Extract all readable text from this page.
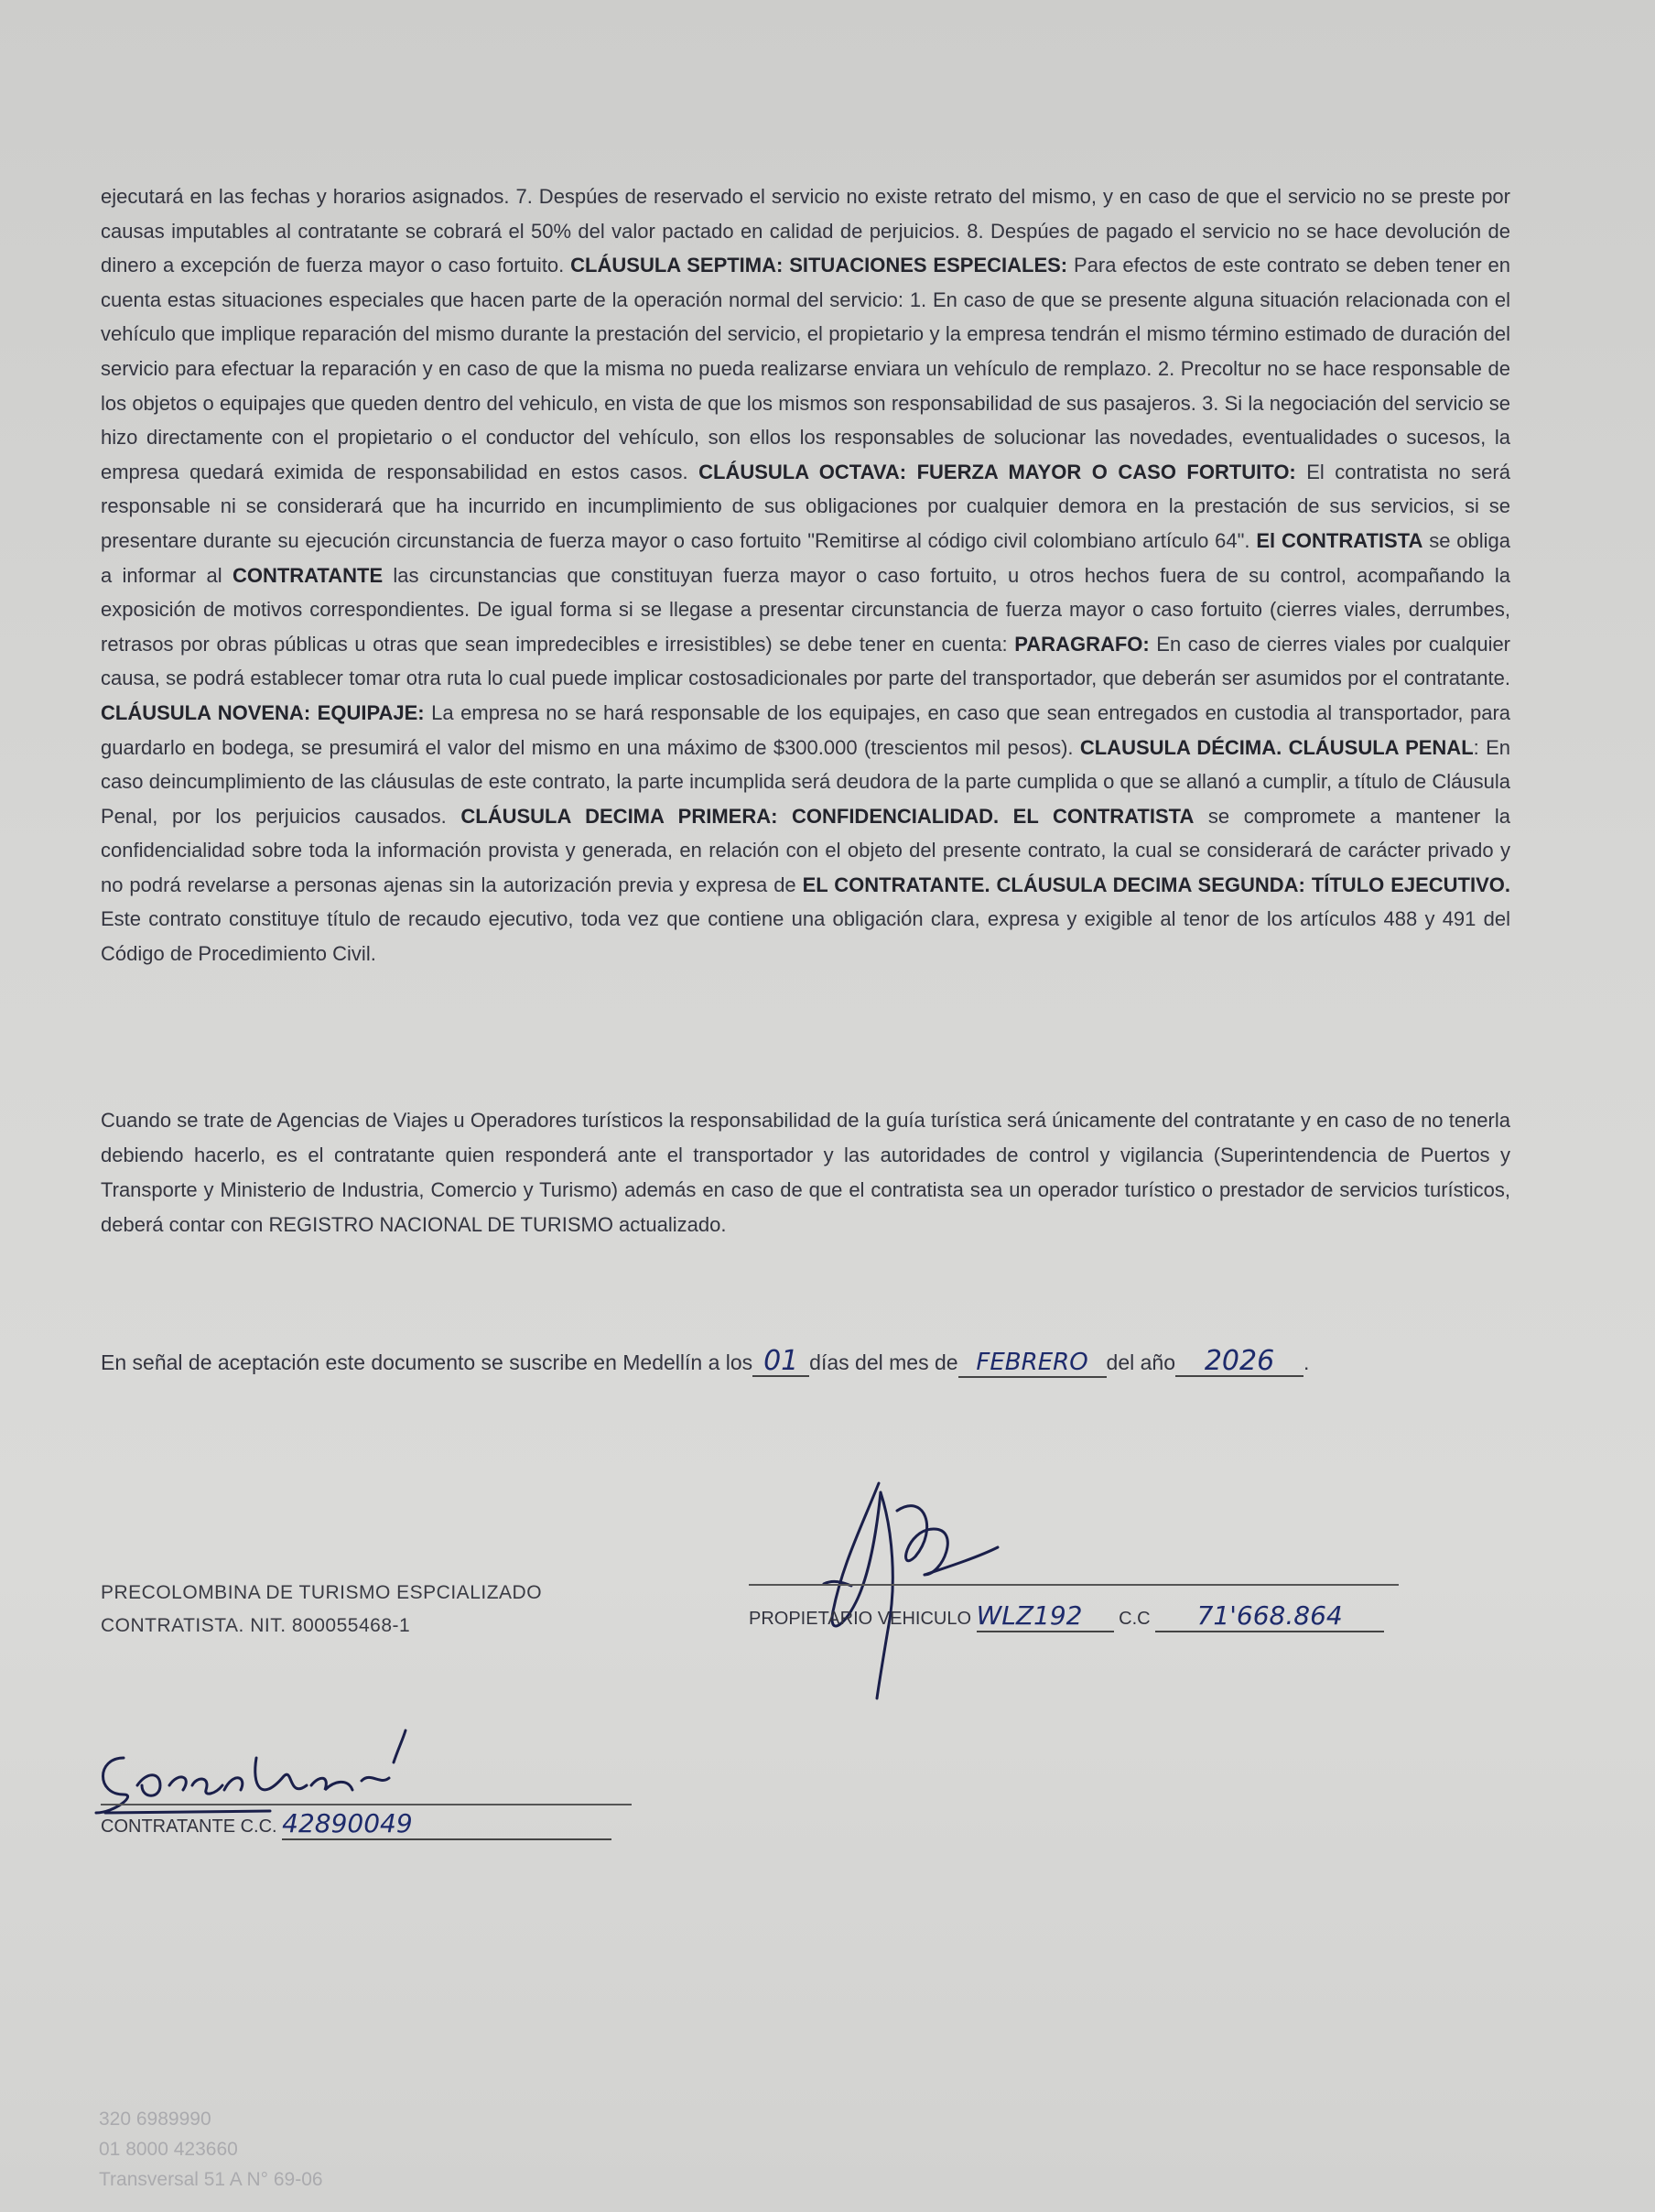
ejecutará en las fechas y horarios asignados. 7. Despúes de reservado el servicio no existe retrato del mismo, y en caso de que el servicio no se preste por causas imputables al contratante se cobrará el 50% del valor pactado en calidad de perjuicios. 8. Despúes de pagado el servicio no se hace devolución de dinero a excepción de fuerza mayor o caso fortuito. CLÁUSULA SEPTIMA: SITUACIONES ESPECIALES: Para efectos de este contrato se deben tener en cuenta estas situaciones especiales que hacen parte de la operación normal del servicio: 1. En caso de que se presente alguna situación relacionada con el vehículo que implique reparación del mismo durante la prestación del servicio, el propietario y la empresa tendrán el mismo término estimado de duración del servicio para efectuar la reparación y en caso de que la misma no pueda realizarse enviara un vehículo de remplazo. 2. Precoltur no se hace responsable de los objetos o equipajes que queden dentro del vehiculo, en vista de que los mismos son responsabilidad de sus pasajeros. 3. Si la negociación del servicio se hizo directamente con el propietario o el conductor del vehículo, son ellos los responsables de solucionar las novedades, eventualidades o sucesos, la empresa quedará eximida de responsabilidad en estos casos. CLÁUSULA OCTAVA: FUERZA MAYOR O CASO FORTUITO: El contratista no será responsable ni se considerará que ha incurrido en incumplimiento de sus obligaciones por cualquier demora en la prestación de sus servicios, si se presentare durante su ejecución circunstancia de fuerza mayor o caso fortuito "Remitirse al código civil colombiano artículo 64". El CONTRATISTA se obliga a informar al CONTRATANTE las circunstancias que constituyan fuerza mayor o caso fortuito, u otros hechos fuera de su control, acompañando la exposición de motivos correspondientes. De igual forma si se llegase a presentar circunstancia de fuerza mayor o caso fortuito (cierres viales, derrumbes, retrasos por obras públicas u otras que sean impredecibles e irresistibles) se debe tener en cuenta: PARAGRAFO: En caso de cierres viales por cualquier causa, se podrá establecer tomar otra ruta lo cual puede implicar costosadicionales por parte del transportador, que deberán ser asumidos por el contratante. CLÁUSULA NOVENA: EQUIPAJE: La empresa no se hará responsable de los equipajes, en caso que sean entregados en custodia al transportador, para guardarlo en bodega, se presumirá el valor del mismo en una máximo de $300.000 (trescientos mil pesos). CLAUSULA DÉCIMA. CLÁUSULA PENAL: En caso deincumplimiento de las cláusulas de este contrato, la parte incumplida será deudora de la parte cumplida o que se allanó a cumplir, a título de Cláusula Penal, por los perjuicios causados. CLÁUSULA DECIMA PRIMERA: CONFIDENCIALIDAD. EL CONTRATISTA se compromete a mantener la confidencialidad sobre toda la información provista y generada, en relación con el objeto del presente contrato, la cual se considerará de carácter privado y no podrá revelarse a personas ajenas sin la autorización previa y expresa de EL CONTRATANTE. CLÁUSULA DECIMA SEGUNDA: TÍTULO EJECUTIVO. Este contrato constituye título de recaudo ejecutivo, toda vez que contiene una obligación clara, expresa y exigible al tenor de los artículos 488 y 491 del Código de Procedimiento Civil.
Cuando se trate de Agencias de Viajes u Operadores turísticos la responsabilidad de la guía turística será únicamente del contratante y en caso de no tenerla debiendo hacerlo, es el contratante quien responderá ante el transportador y las autoridades de control y vigilancia (Superintendencia de Puertos y Transporte y Ministerio de Industria, Comercio y Turismo) además en caso de que el contratista sea un operador turístico o prestador de servicios turísticos, deberá contar con REGISTRO NACIONAL DE TURISMO actualizado.
En señal de aceptación este documento se suscribe en Medellín a los 01 días del mes de FEBRERO del año 2026 .
PRECOLOMBINA DE TURISMO ESPCIALIZADO
CONTRATISTA. NIT. 800055468-1	PROPIETARIO VEHICULO WLZ192 C.C 71'668.864
CONTRATANTE C.C. 42890049
320 6989990
01 8000 423660
Transversal 51 A N° 69-06
